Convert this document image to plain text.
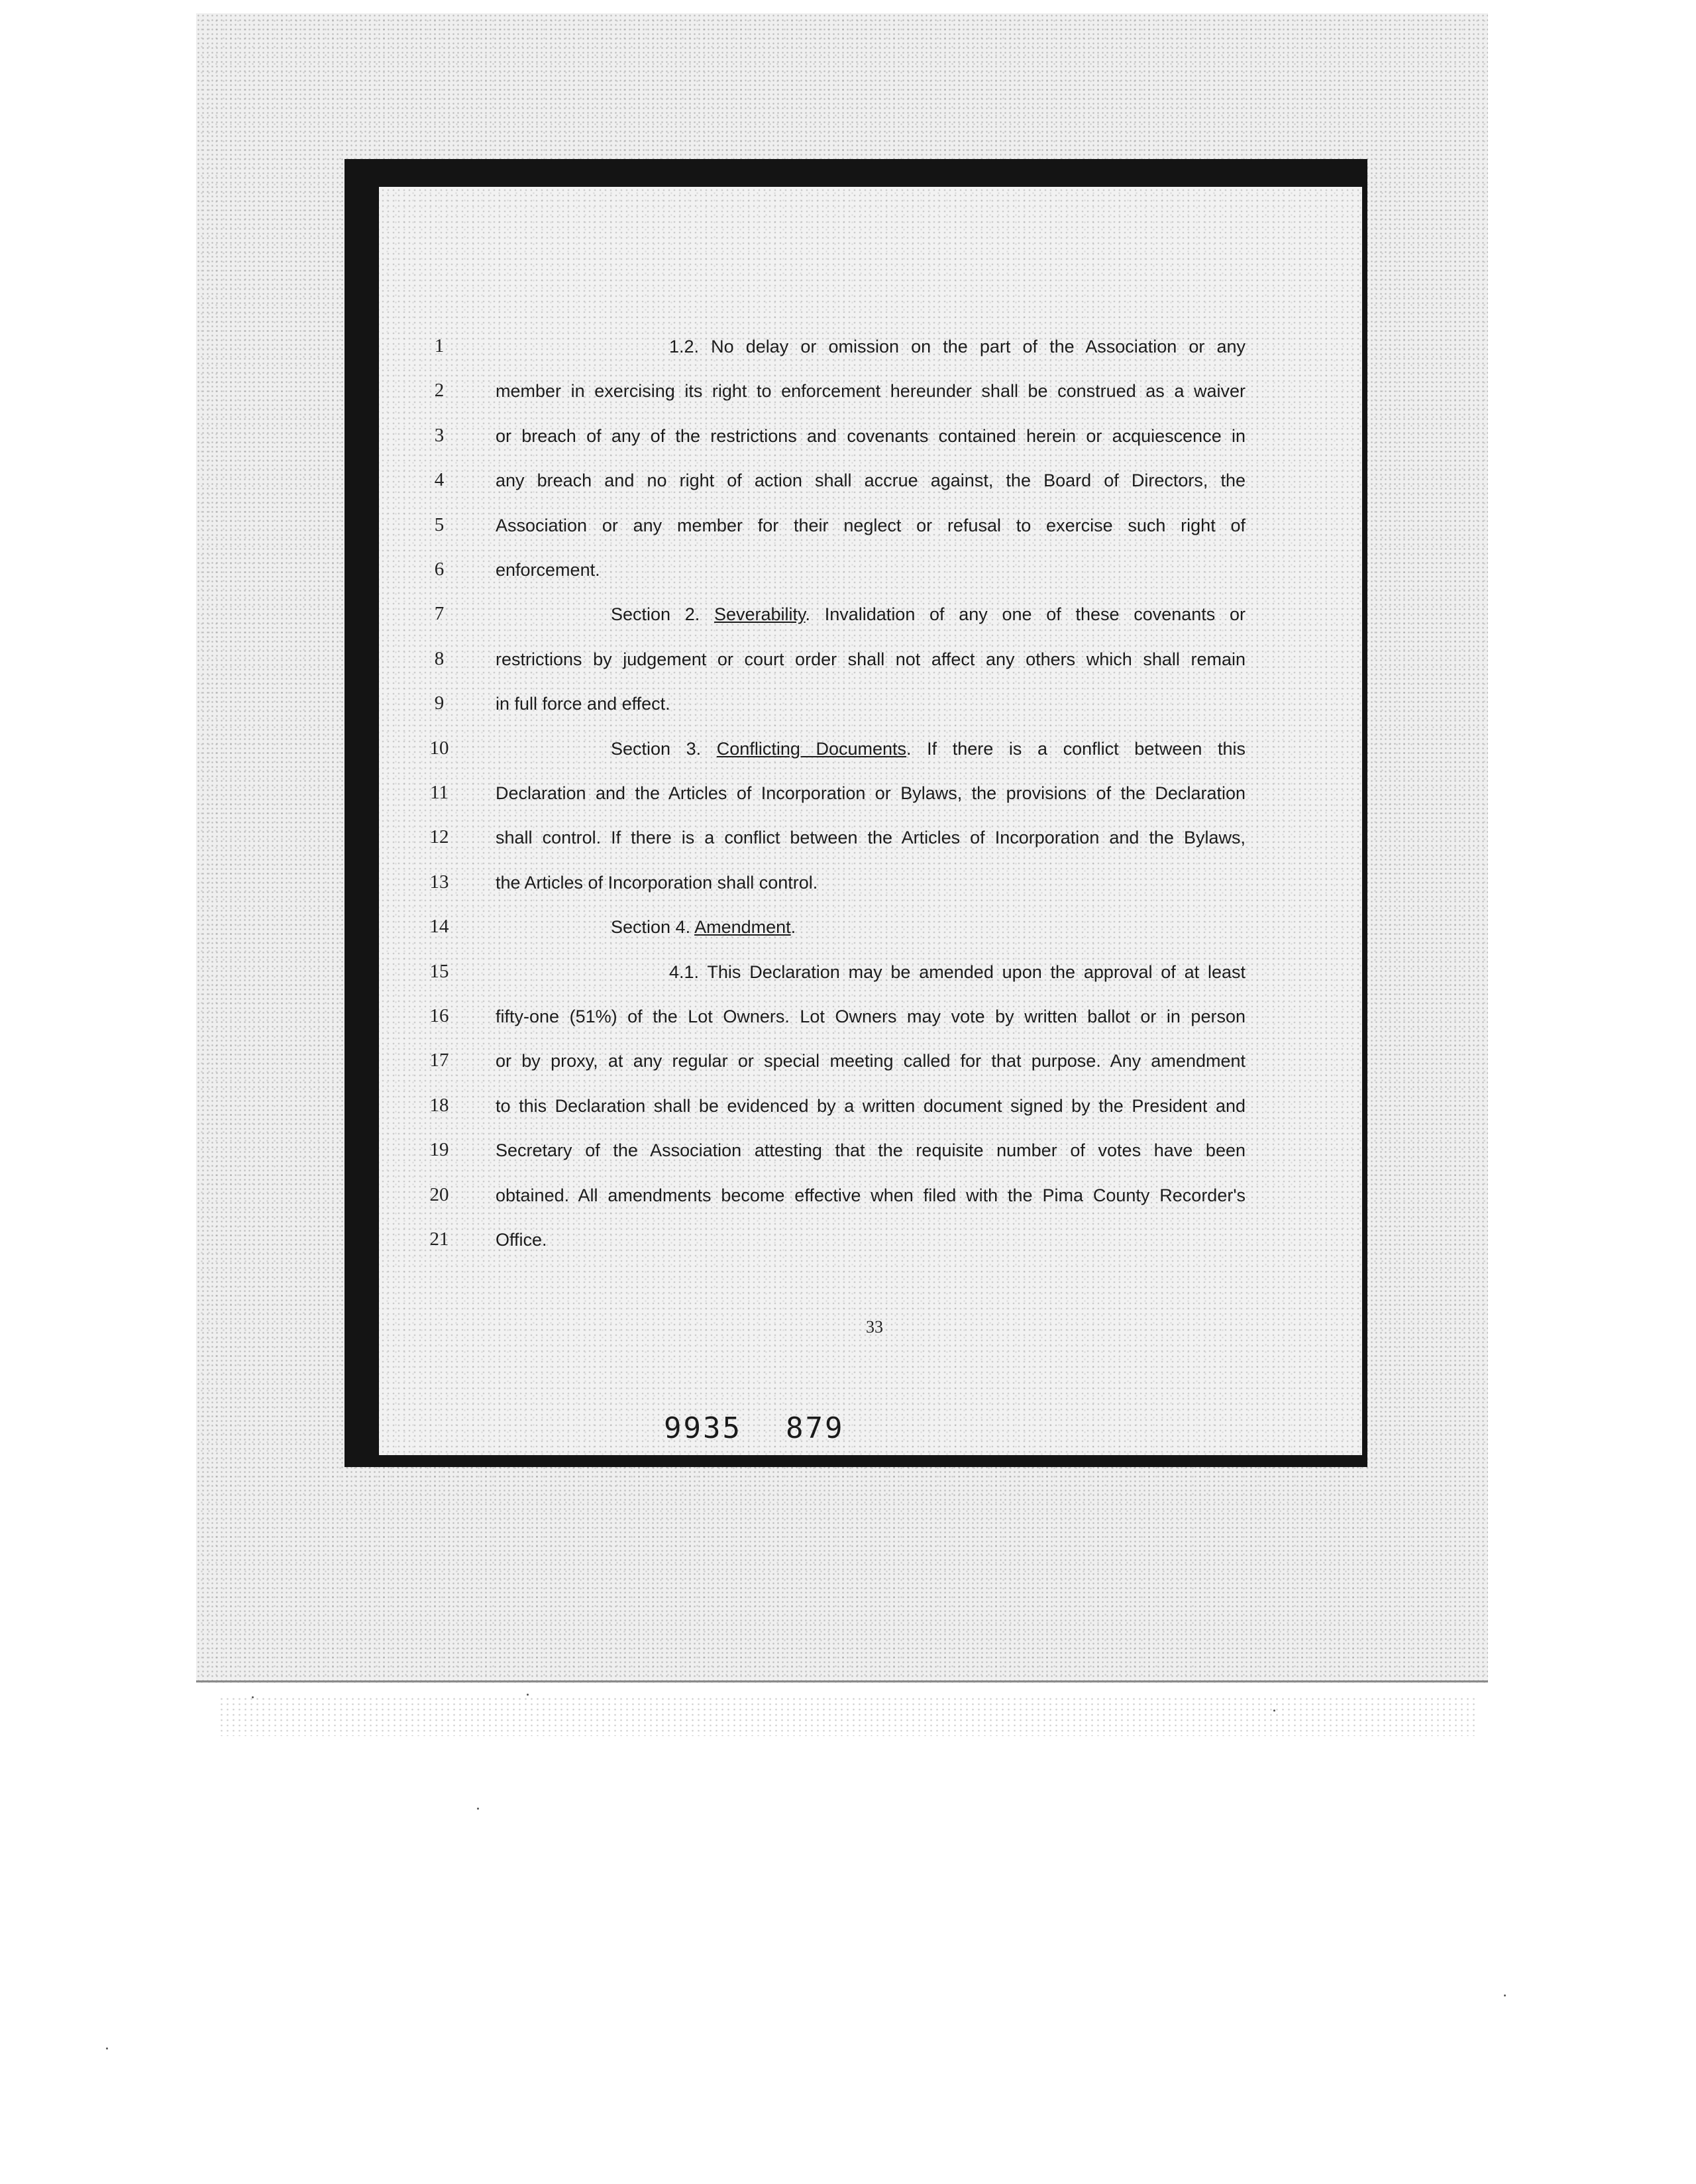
1	1.2. No delay or omission on the part of the Association or any
2	member in exercising its right to enforcement hereunder shall be construed as a waiver
3	or breach of any of the restrictions and covenants contained herein or acquiescence in
4	any breach and no right of action shall accrue against, the Board of Directors, the
5	Association or any member for their neglect or refusal to exercise such right of
6	enforcement.
7	Section 2. Severability. Invalidation of any one of these covenants or
8	restrictions by judgement or court order shall not affect any others which shall remain
9	in full force and effect.
10	Section 3. Conflicting Documents. If there is a conflict between this
11	Declaration and the Articles of Incorporation or Bylaws, the provisions of the Declaration
12	shall control. If there is a conflict between the Articles of Incorporation and the Bylaws,
13	the Articles of Incorporation shall control.
14	Section 4. Amendment.
15	4.1. This Declaration may be amended upon the approval of at least
16	fifty-one (51%) of the Lot Owners. Lot Owners may vote by written ballot or in person
17	or by proxy, at any regular or special meeting called for that purpose. Any amendment
18	to this Declaration shall be evidenced by a written document signed by the President and
19	Secretary of the Association attesting that the requisite number of votes have been
20	obtained. All amendments become effective when filed with the Pima County Recorder's
21	Office.
33
9935 879
